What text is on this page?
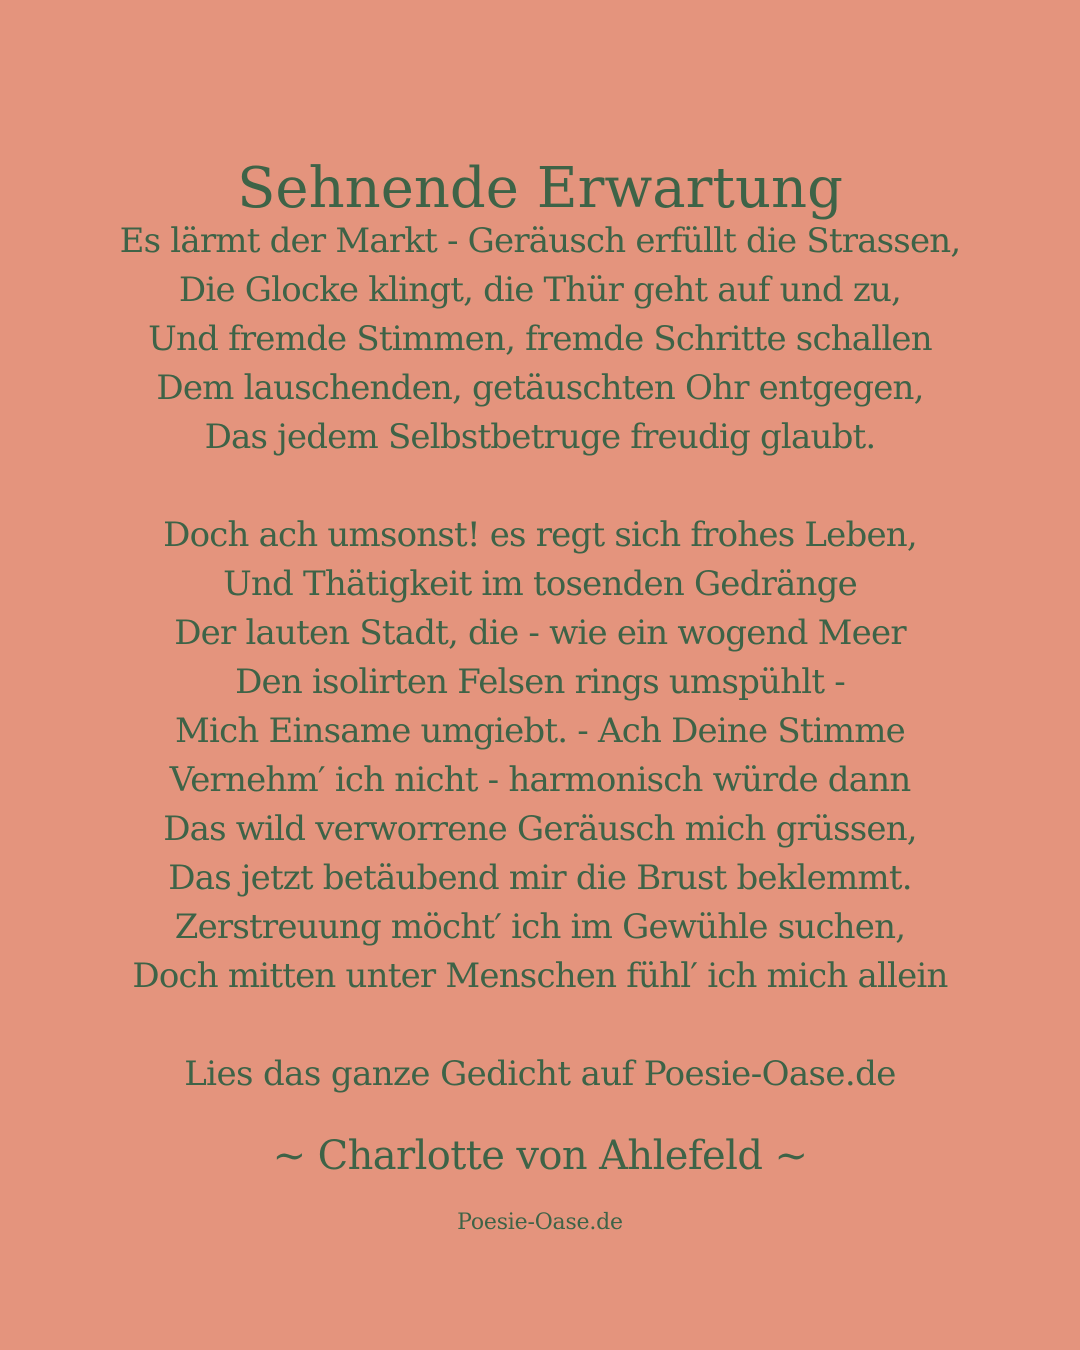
Sehnende Erwartung
Es lärmt der Markt - Geräusch erfüllt die Strassen,
Die Glocke klingt, die Thür geht auf und zu,
Und fremde Stimmen, fremde Schritte schallen
Dem lauschenden, getäuschten Ohr entgegen,
Das jedem Selbstbetruge freudig glaubt.
Doch ach umsonst! es regt sich frohes Leben,
Und Thätigkeit im tosenden Gedränge
Der lauten Stadt, die - wie ein wogend Meer
Den isolirten Felsen rings umspühlt -
Mich Einsame umgiebt. - Ach Deine Stimme
Vernehm′ ich nicht - harmonisch würde dann
Das wild verworrene Geräusch mich grüssen,
Das jetzt betäubend mir die Brust beklemmt.
Zerstreuung möcht′ ich im Gewühle suchen,
Doch mitten unter Menschen fühl′ ich mich allein
Lies das ganze Gedicht auf Poesie-Oase.de
~ Charlotte von Ahlefeld ~
Poesie-Oase.de
